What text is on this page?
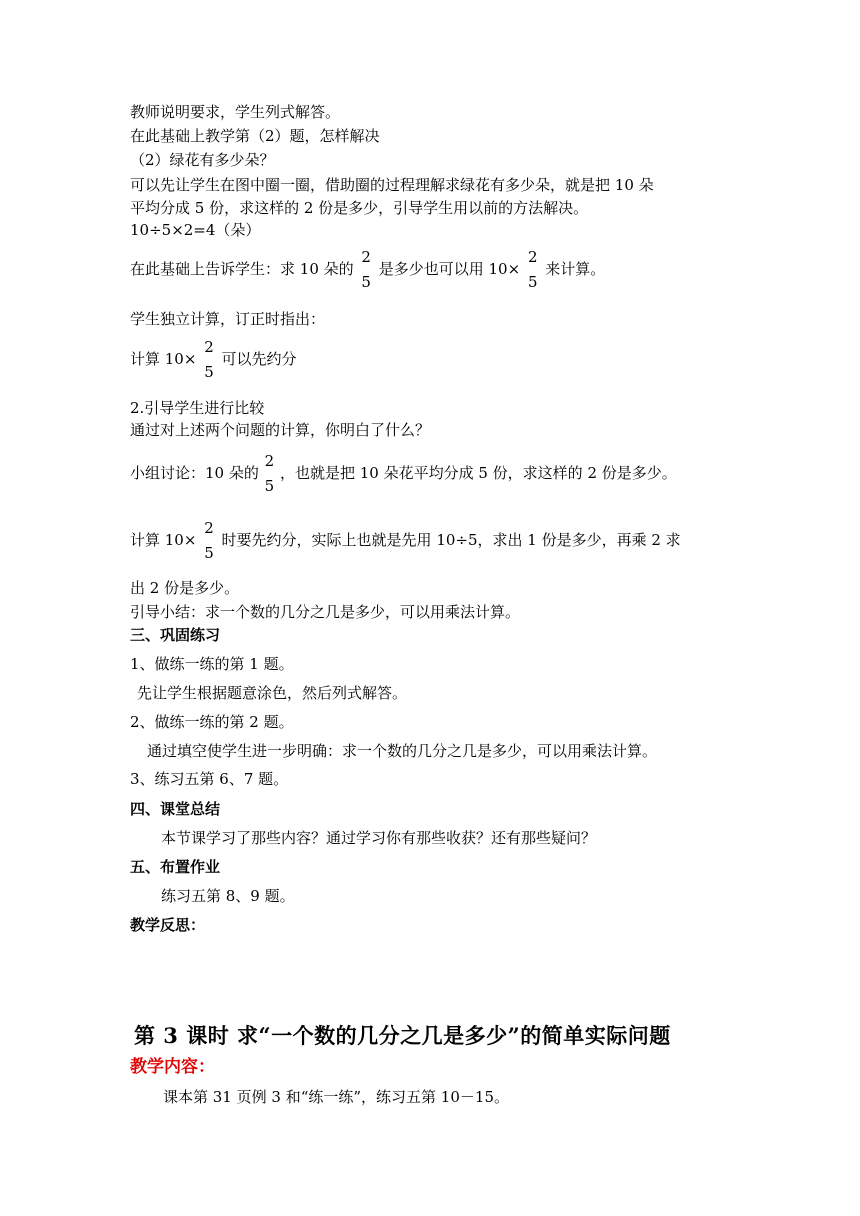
教师说明要求，学生列式解答。
在此基础上教学第（2）题，怎样解决
（2）绿花有多少朵？
可以先让学生在图中圈一圈，借助圈的过程理解求绿花有多少朵，就是把 10 朵
平均分成 5 份，求这样的 2 份是多少，引导学生用以前的方法解决。
10÷5×2=4（朵）
在此基础上告诉学生：求 10 朵的
2
5
是多少也可以用 10×
2
5
来计算。
学生独立计算，订正时指出：
计算 10×
2
5
可以先约分
2.引导学生进行比较
通过对上述两个问题的计算，你明白了什么？
小组讨论：10 朵的
2
5
，也就是把 10 朵花平均分成 5 份，求这样的 2 份是多少。
计算 10×
2
5
时要先约分，实际上也就是先用 10÷5，求出 1 份是多少，再乘 2 求
出 2 份是多少。
引导小结：求一个数的几分之几是多少，可以用乘法计算。
三、巩固练习
1、做练一练的第 1 题。
先让学生根据题意涂色，然后列式解答。
2、做练一练的第 2 题。
通过填空使学生进一步明确：求一个数的几分之几是多少，可以用乘法计算。
3、练习五第 6、7 题。
四、课堂总结
本节课学习了那些内容？通过学习你有那些收获？还有那些疑问？
五、布置作业
练习五第 8、9 题。
教学反思：
第 3 课时 求“一个数的几分之几是多少”的简单实际问题
教学内容：
课本第 31 页例 3 和“练一练”，练习五第 10－15。
